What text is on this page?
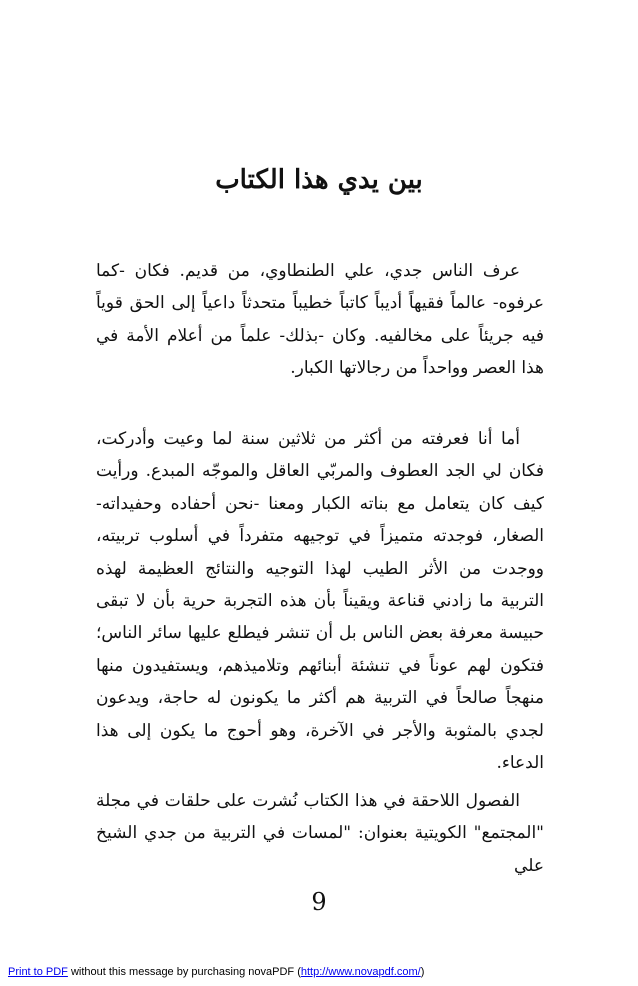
بين يدي هذا الكتاب

عرف الناس جدي، علي الطنطاوي، من قديم. فكان -كما عرفوه- عالماً فقيهاً أديباً كاتباً خطيباً متحدثاً داعياً إلى الحق قوياً فيه جريئاً على مخالفيه. وكان -بذلك- علماً من أعلام الأمة في هذا العصر وواحداً من رجالاتها الكبار.

أما أنا فعرفته من أكثر من ثلاثين سنة لما وعيت وأدركت، فكان لي الجد العطوف والمربّي العاقل والموجّه المبدع. ورأيت كيف كان يتعامل مع بناته الكبار ومعنا -نحن أحفاده وحفيداته- الصغار، فوجدته متميزاً في توجيهه متفرداً في أسلوب تربيته، ووجدت من الأثر الطيب لهذا التوجيه والنتائج العظيمة لهذه التربية ما زادني قناعة ويقيناً بأن هذه التجربة حرية بأن لا تبقى حبيسة معرفة بعض الناس بل أن تنشر فيطلع عليها سائر الناس؛ فتكون لهم عوناً في تنشئة أبنائهم وتلاميذهم، ويستفيدون منها منهجاً صالحاً في التربية هم أكثر ما يكونون له حاجة، ويدعون لجدي بالمثوبة والأجر في الآخرة، وهو أحوج ما يكون إلى هذا الدعاء.

الفصول اللاحقة في هذا الكتاب نُشرت على حلقات في مجلة "المجتمع" الكويتية بعنوان: "لمسات في التربية من جدي الشيخ علي

9
Print to PDF without this message by purchasing novaPDF (http://www.novapdf.com/)
